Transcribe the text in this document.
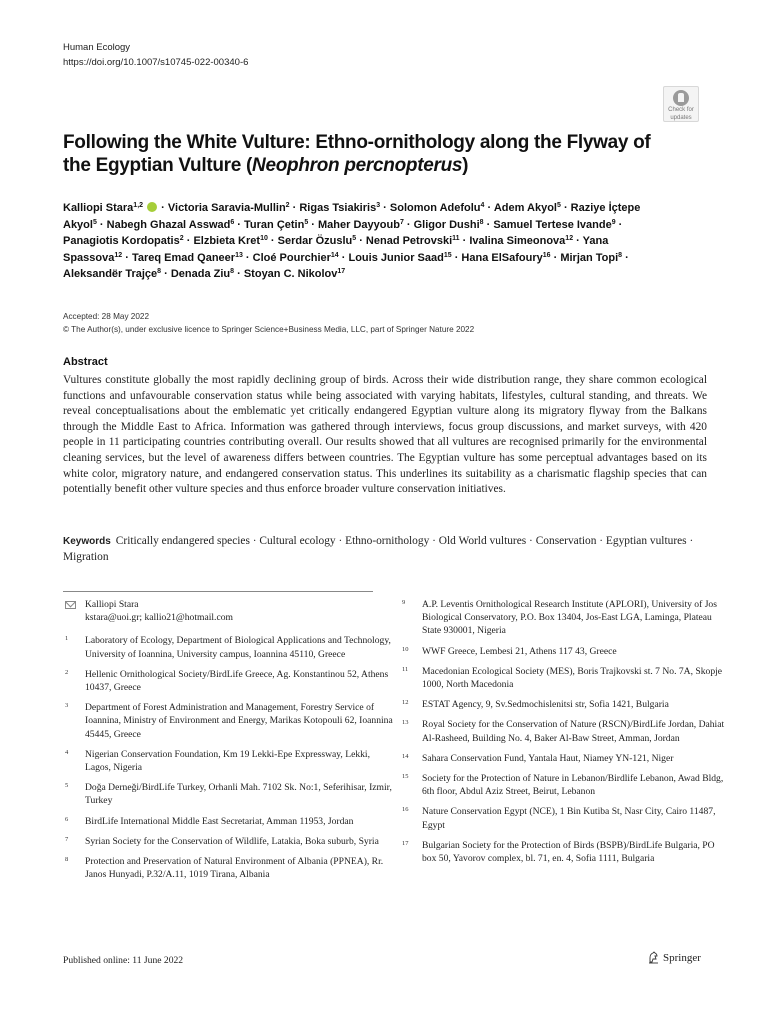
Human Ecology
https://doi.org/10.1007/s10745-022-00340-6
Check for
updates
Following the White Vulture: Ethno-ornithology along the Flyway of the Egyptian Vulture (Neophron percnopterus)
Kalliopi Stara$^{1,2}$  · Victoria Saravia-Mullin$^2$ · Rigas Tsiakiris$^3$ · Solomon Adefolu$^4$ · Adem Akyol$^5$ · Raziye İçtepe Akyol$^5$ · Nabegh Ghazal Asswad$^6$ · Turan Çetin$^5$ · Maher Dayyoub$^7$ · Gligor Dushi$^8$ · Samuel Tertese Ivande$^9$ · Panagiotis Kordopatis$^2$ · Elzbieta Kret$^{10}$ · Serdar Özuslu$^5$ · Nenad Petrovski$^{11}$ · Ivalina Simeonova$^{12}$ · Yana Spassova$^{12}$ · Tareq Emad Qaneer$^{13}$ · Cloé Pourchier$^{14}$ · Louis Junior Saad$^{15}$ · Hana ElSafoury$^{16}$ · Mirjan Topi$^8$ · Aleksandër Trajçe$^8$ · Denada Ziu$^8$ · Stoyan C. Nikolov$^{17}$
Accepted: 28 May 2022
© The Author(s), under exclusive licence to Springer Science+Business Media, LLC, part of Springer Nature 2022
Abstract
Vultures constitute globally the most rapidly declining group of birds. Across their wide distribution range, they share common ecological functions and unfavourable conservation status while being associated with varying habitats, lifestyles, cultural standing, and threats. We reveal conceptualisations about the emblematic yet critically endangered Egyptian vulture along its migratory flyway from the Balkans through the Middle East to Africa. Information was gathered through interviews, focus group discussions, and market surveys, with 420 people in 11 participating countries contributing overall. Our results showed that all vultures are recognised primarily for the environmental cleaning services, but the level of awareness differs between countries. The Egyptian vulture has some perceptual advantages based on its white color, migratory nature, and endangered conservation status. This underlines its suitability as a charismatic flagship species that can potentially benefit other vulture species and thus enforce broader vulture conservation initiatives.
Keywords Critically endangered species · Cultural ecology · Ethno-ornithology · Old World vultures · Conservation · Egyptian vultures · Migration
Kalliopi Stara
kstara@uoi.gr; kallio21@hotmail.com
1	Laboratory of Ecology, Department of Biological Applications and Technology, University of Ioannina, University campus, Ioannina 45110, Greece
2	Hellenic Ornithological Society/BirdLife Greece, Ag. Konstantinou 52, Athens 10437, Greece
3	Department of Forest Administration and Management, Forestry Service of Ioannina, Ministry of Environment and Energy, Marikas Kotopouli 62, Ioannina 45445, Greece
4	Nigerian Conservation Foundation, Km 19 Lekki-Epe Expressway, Lekki, Lagos, Nigeria
5	Doğa Derneği/BirdLife Turkey, Orhanli Mah. 7102 Sk. No:1, Seferihisar, Izmir, Turkey
6	BirdLife International Middle East Secretariat, Amman 11953, Jordan
7	Syrian Society for the Conservation of Wildlife, Latakia, Boka suburb, Syria
8	Protection and Preservation of Natural Environment of Albania (PPNEA), Rr. Janos Hunyadi, P.32/A.11, 1019 Tirana, Albania
9	A.P. Leventis Ornithological Research Institute (APLORI), University of Jos Biological Conservatory, P.O. Box 13404, Jos-East LGA, Laminga, Plateau State 930001, Nigeria
10	WWF Greece, Lembesi 21, Athens 117 43, Greece
11	Macedonian Ecological Society (MES), Boris Trajkovski st. 7 No. 7A, Skopje 1000, North Macedonia
12	ESTAT Agency, 9, Sv.Sedmochislenitsi str, Sofia 1421, Bulgaria
13	Royal Society for the Conservation of Nature (RSCN)/BirdLife Jordan, Dahiat Al-Rasheed, Building No. 4, Baker Al-Baw Street, Amman, Jordan
14	Sahara Conservation Fund, Yantala Haut, Niamey YN-121, Niger
15	Society for the Protection of Nature in Lebanon/Birdlife Lebanon, Awad Bldg, 6th floor, Abdul Aziz Street, Beirut, Lebanon
16	Nature Conservation Egypt (NCE), 1 Bin Kutiba St, Nasr City, Cairo 11487, Egypt
17	Bulgarian Society for the Protection of Birds (BSPB)/BirdLife Bulgaria, PO box 50, Yavorov complex, bl. 71, en. 4, Sofia 1111, Bulgaria
Published online: 11 June 2022	Springer
